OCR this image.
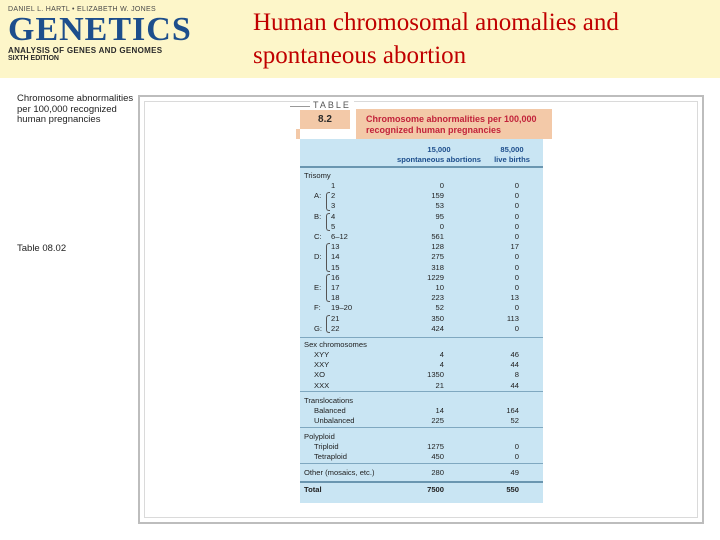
DANIEL L. HARTL • ELIZABETH W. JONES
GENETICS
ANALYSIS OF GENES AND GENOMES
SIXTH EDITION
Human chromosomal anomalies and spontaneous abortion
Chromosome abnormalities per 100,000 recognized human pregnancies
Table 08.02
TABLE
8.2	Chromosome abnormalities per 100,000 recognized human pregnancies
15,000
spontaneous abortions
85,000
live births
Trisomy
1	0	0
A: 2	159	0
3	53	0
B: 4	95	0
5	0	0
C: 6–12	561	0
13	128	17
D: 14	275	0
15	318	0
16	1229	0
E: 17	10	0
18	223	13
F: 19–20	52	0
21	350	113
G: 22	424	0
Sex chromosomes
XYY	4	46
XXY	4	44
XO	1350	8
XXX	21	44
Translocations
Balanced	14	164
Unbalanced	225	52
Polyploid
Triploid	1275	0
Tetraploid	450	0
Other (mosaics, etc.)	280	49
Total	7500	550
